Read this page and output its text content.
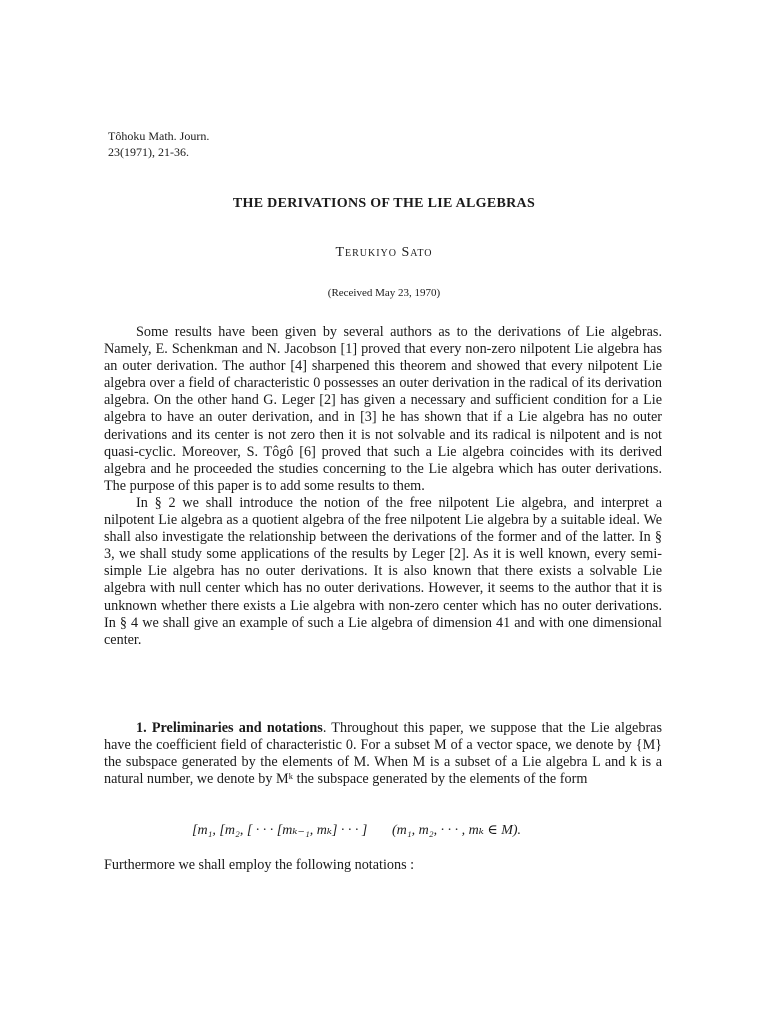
Tôhoku Math. Journ.
23(1971), 21-36.
THE DERIVATIONS OF THE LIE ALGEBRAS
Terukiyo Sato
(Received May 23, 1970)

Some results have been given by several authors as to the derivations of Lie algebras. Namely, E. Schenkman and N. Jacobson [1] proved that every non-zero nilpotent Lie algebra has an outer derivation. The author [4] sharpened this theorem and showed that every nilpotent Lie algebra over a field of characteristic 0 possesses an outer derivation in the radical of its derivation algebra. On the other hand G. Leger [2] has given a necessary and sufficient condition for a Lie algebra to have an outer derivation, and in [3] he has shown that if a Lie algebra has no outer derivations and its center is not zero then it is not solvable and its radical is nilpotent and is not quasi-cyclic. Moreover, S. Tôgô [6] proved that such a Lie algebra coincides with its derived algebra and he proceeded the studies concerning to the Lie algebra which has outer derivations. The purpose of this paper is to add some results to them.

In § 2 we shall introduce the notion of the free nilpotent Lie algebra, and interpret a nilpotent Lie algebra as a quotient algebra of the free nilpotent Lie algebra by a suitable ideal. We shall also investigate the relationship between the derivations of the former and of the latter. In § 3, we shall study some applications of the results by Leger [2]. As it is well known, every semi-simple Lie algebra has no outer derivations. It is also known that there exists a solvable Lie algebra with null center which has no outer derivations. However, it seems to the author that it is unknown whether there exists a Lie algebra with non-zero center which has no outer derivations. In § 4 we shall give an example of such a Lie algebra of dimension 41 and with one dimensional center.

1. Preliminaries and notations. Throughout this paper, we suppose that the Lie algebras have the coefficient field of characteristic 0. For a subset M of a vector space, we denote by {M} the subspace generated by the elements of M. When M is a subset of a Lie algebra L and k is a natural number, we denote by Mᵏ the subspace generated by the elements of the form

[m₁, [m₂, [ · · · [mₖ₋₁, mₖ] · · · ] (m₁, m₂, · · · , mₖ ∈ M).
Furthermore we shall employ the following notations :
